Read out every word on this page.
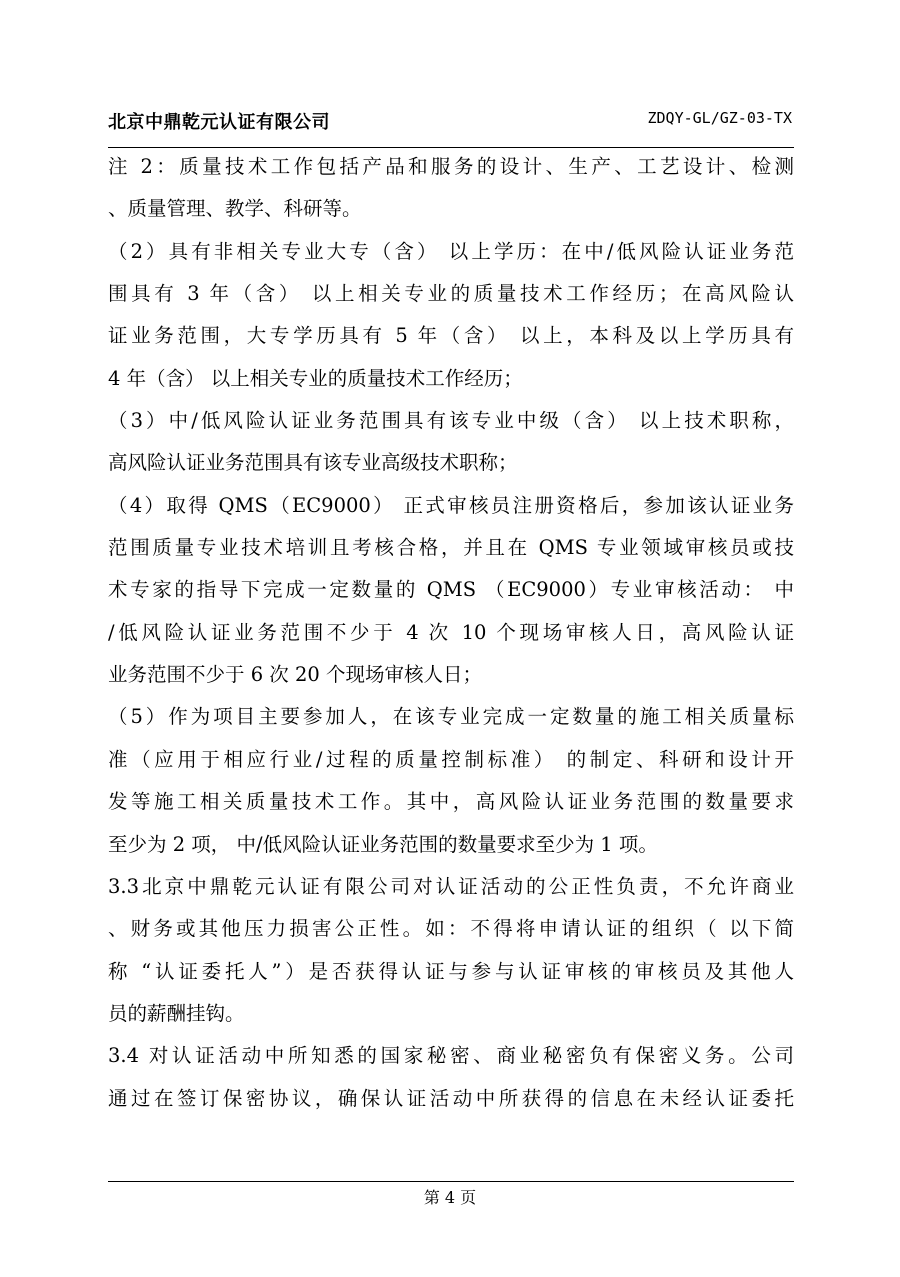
北京中鼎乾元认证有限公司	ZDQY-GL/GZ-03-TX
注 2：质量技术工作包括产品和服务的设计、生产、工艺设计、检测
、质量管理、教学、科研等。
（2）具有非相关专业大专（含） 以上学历：在中/低风险认证业务范
围具有 3 年（含） 以上相关专业的质量技术工作经历；在高风险认
证业务范围，大专学历具有 5 年（含） 以上，本科及以上学历具有
4 年（含） 以上相关专业的质量技术工作经历；
（3）中/低风险认证业务范围具有该专业中级（含） 以上技术职称，
高风险认证业务范围具有该专业高级技术职称；
（4）取得 QMS（EC9000） 正式审核员注册资格后，参加该认证业务
范围质量专业技术培训且考核合格，并且在 QMS 专业领域审核员或技
术专家的指导下完成一定数量的 QMS （EC9000）专业审核活动： 中
/低风险认证业务范围不少于 4 次 10 个现场审核人日，高风险认证
业务范围不少于 6 次 20 个现场审核人日；
（5）作为项目主要参加人，在该专业完成一定数量的施工相关质量标
准（应用于相应行业/过程的质量控制标准） 的制定、科研和设计开
发等施工相关质量技术工作。其中，高风险认证业务范围的数量要求
至少为 2 项， 中/低风险认证业务范围的数量要求至少为 1 项。
3.3北京中鼎乾元认证有限公司对认证活动的公正性负责，不允许商业
、财务或其他压力损害公正性。如：不得将申请认证的组织（ 以下简
称 “认证委托人”）是否获得认证与参与认证审核的审核员及其他人
员的薪酬挂钩。
3.4 对认证活动中所知悉的国家秘密、商业秘密负有保密义务。公司
通过在签订保密协议，确保认证活动中所获得的信息在未经认证委托
第 4 页
